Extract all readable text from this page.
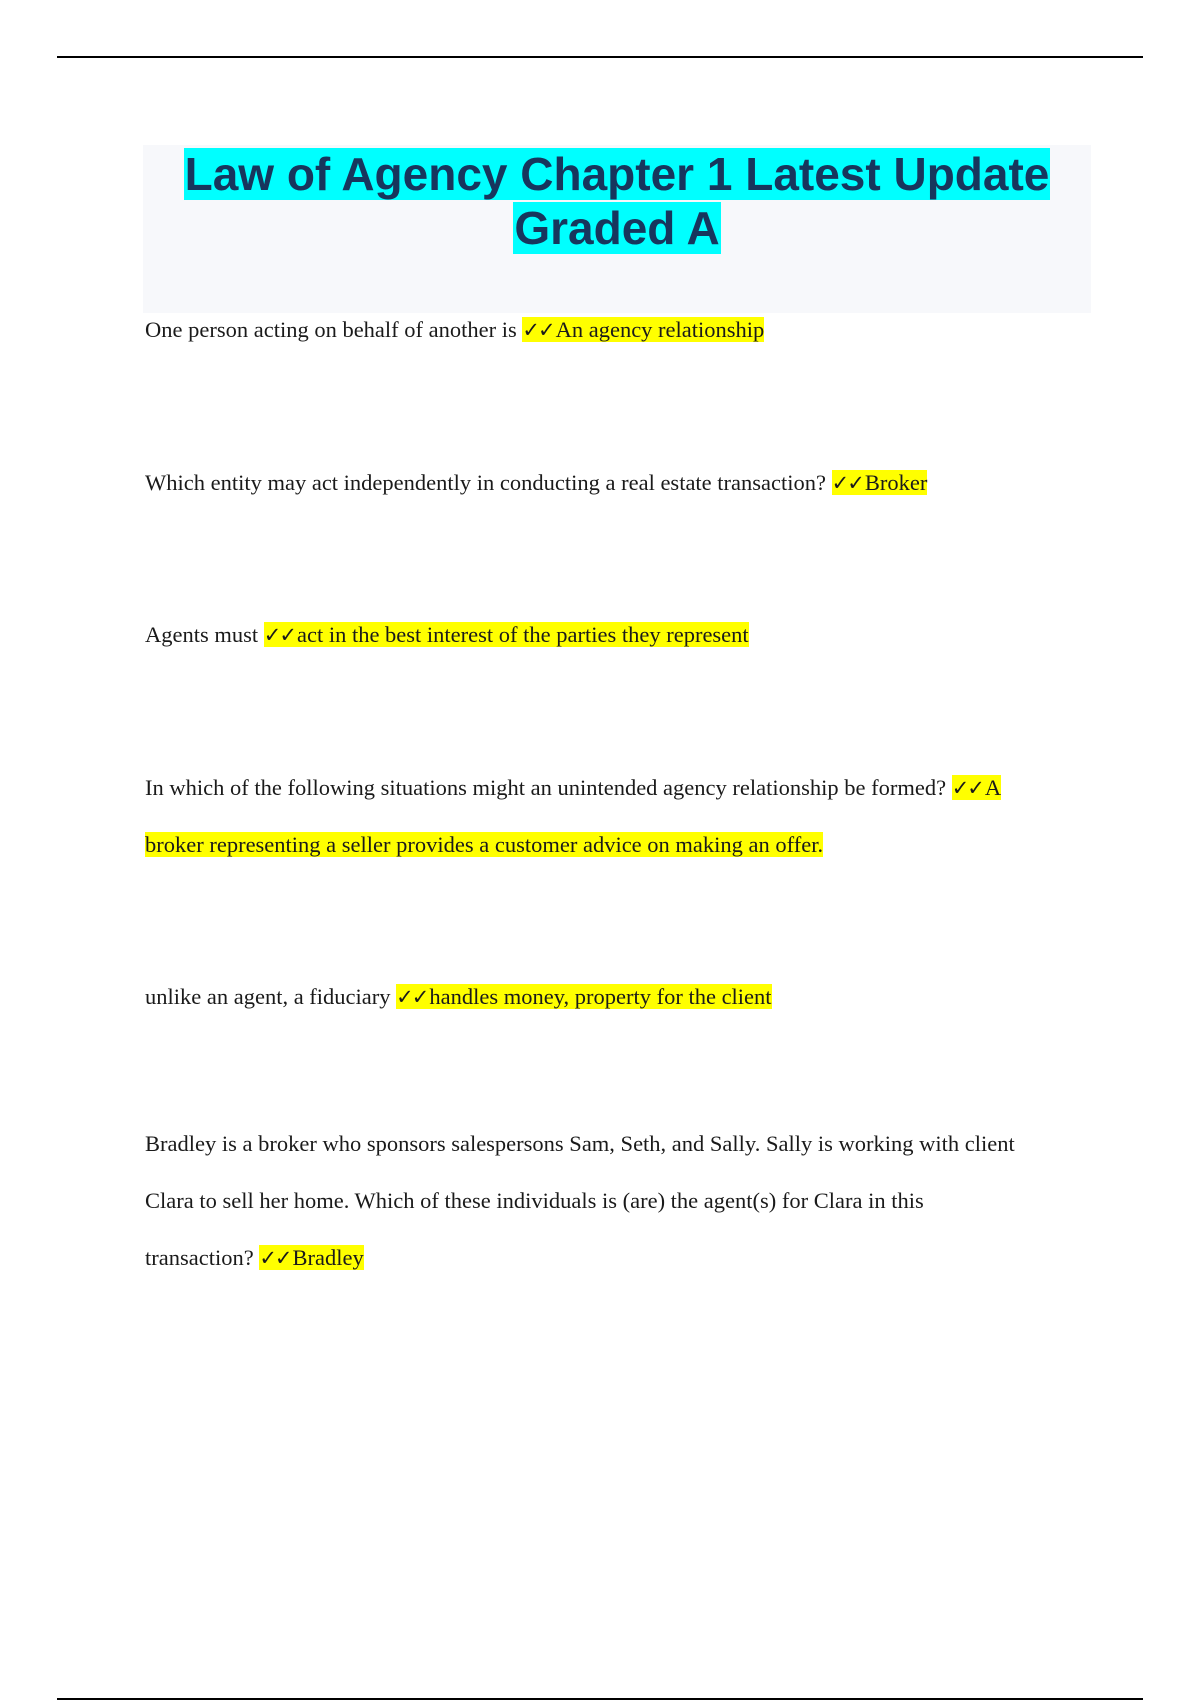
Law of Agency Chapter 1 Latest Update
Graded A

One person acting on behalf of another is ✓✓An agency relationship

Which entity may act independently in conducting a real estate transaction? ✓✓Broker

Agents must ✓✓act in the best interest of the parties they represent

In which of the following situations might an unintended agency relationship be formed? ✓✓A
broker representing a seller provides a customer advice on making an offer.

unlike an agent, a fiduciary ✓✓handles money, property for the client

Bradley is a broker who sponsors salespersons Sam, Seth, and Sally. Sally is working with client
Clara to sell her home. Which of these individuals is (are) the agent(s) for Clara in this
transaction? ✓✓Bradley
